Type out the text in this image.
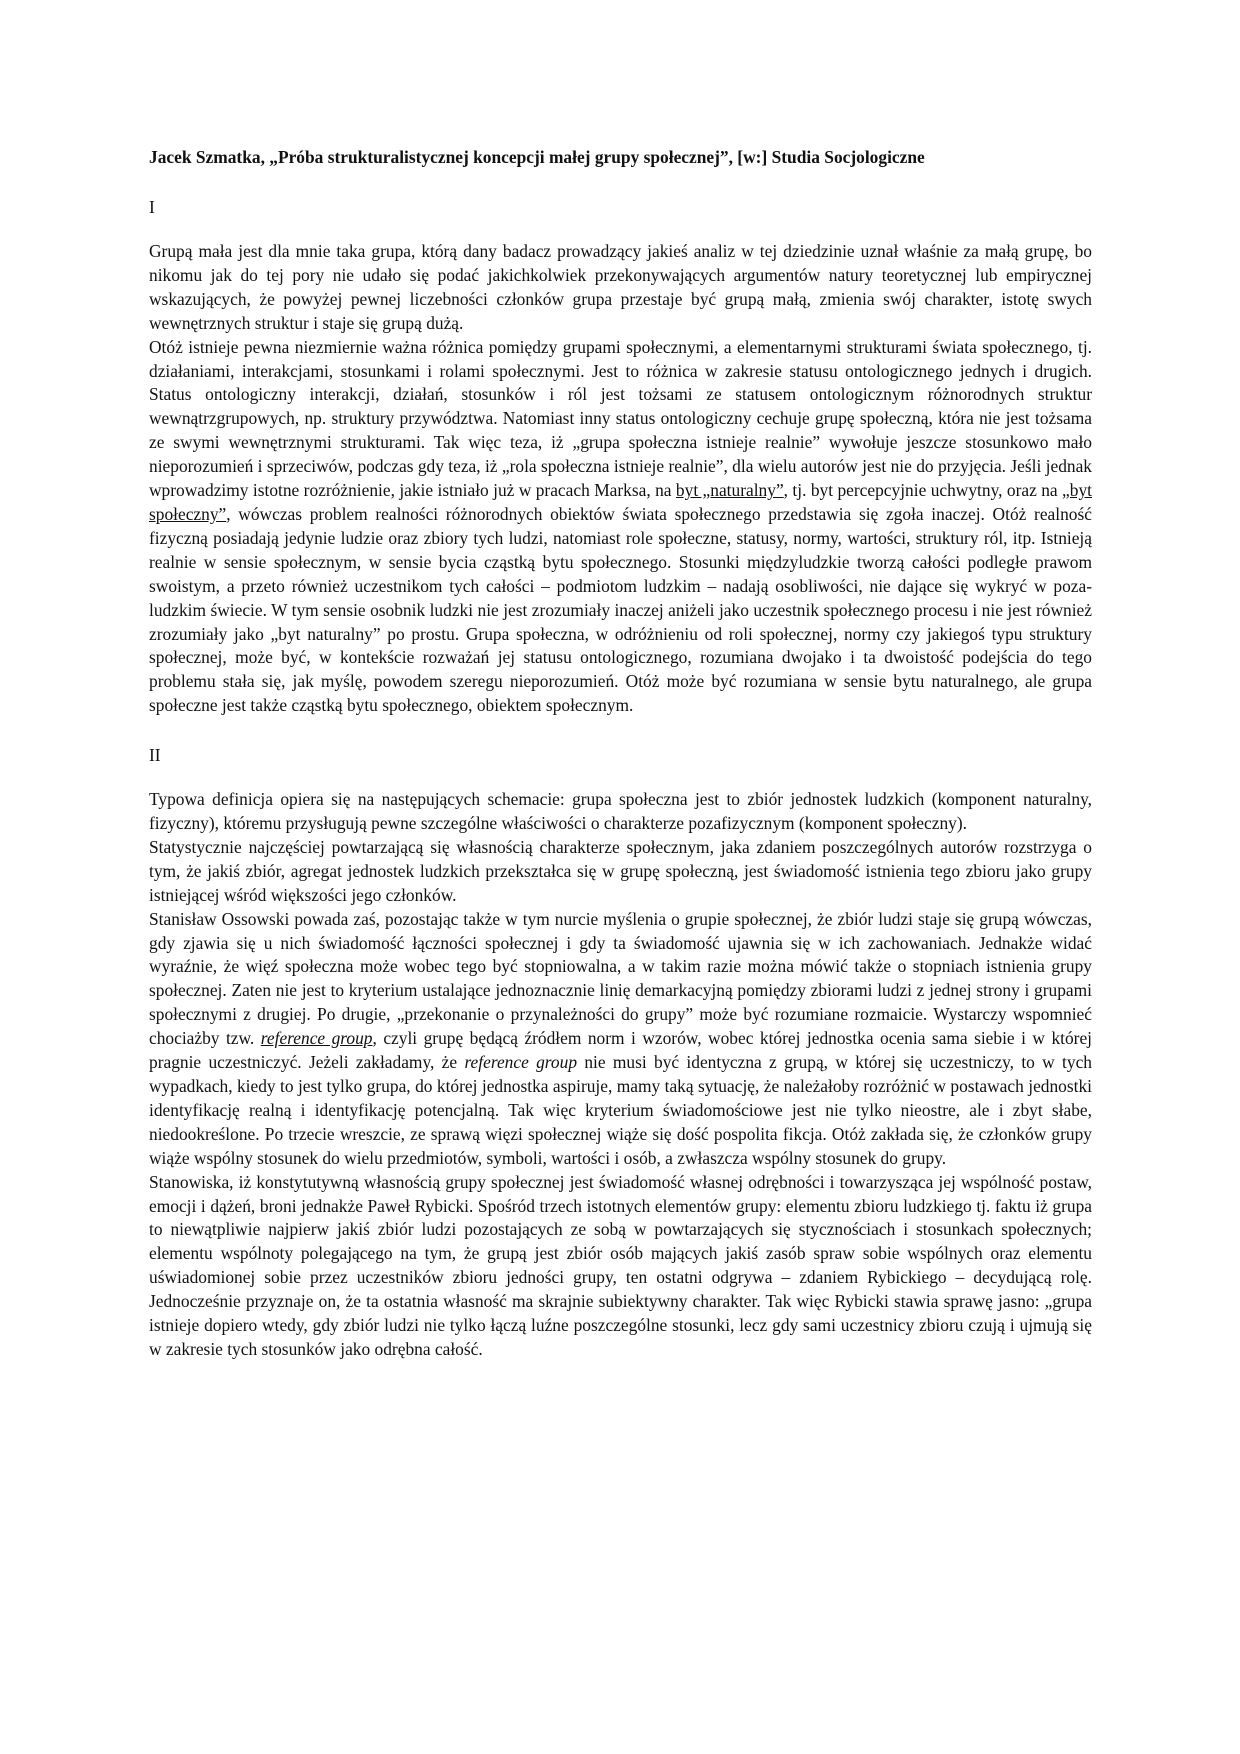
Jacek Szmatka, „Próba strukturalistycznej koncepcji małej grupy społecznej”, [w:] Studia Socjologiczne

I

Grupą mała jest dla mnie taka grupa, którą dany badacz prowadzący jakieś analiz w tej dziedzinie uznał właśnie za małą grupę, bo nikomu jak do tej pory nie udało się podać jakichkolwiek przekonywających argumentów natury teoretycznej lub empirycznej wskazujących, że powyżej pewnej liczebności członków grupa przestaje być grupą małą, zmienia swój charakter, istotę swych wewnętrznych struktur i staje się grupą dużą.

Otóż istnieje pewna niezmiernie ważna różnica pomiędzy grupami społecznymi, a elementarnymi strukturami świata społecznego, tj. działaniami, interakcjami, stosunkami i rolami społecznymi. Jest to różnica w zakresie statusu ontologicznego jednych i drugich. Status ontologiczny interakcji, działań, stosunków i ról jest tożsami ze statusem ontologicznym różnorodnych struktur wewnątrzgrupowych, np. struktury przywództwa. Natomiast inny status ontologiczny cechuje grupę społeczną, która nie jest tożsama ze swymi wewnętrznymi strukturami. Tak więc teza, iż „grupa społeczna istnieje realnie” wywołuje jeszcze stosunkowo mało nieporozumień i sprzeciwów, podczas gdy teza, iż „rola społeczna istnieje realnie”, dla wielu autorów jest nie do przyjęcia. Jeśli jednak wprowadzimy istotne rozróżnienie, jakie istniało już w pracach Marksa, na byt „naturalny”, tj. byt percepcyjnie uchwytny, oraz na „byt społeczny”, wówczas problem realności różnorodnych obiektów świata społecznego przedstawia się zgoła inaczej. Otóż realność fizyczną posiadają jedynie ludzie oraz zbiory tych ludzi, natomiast role społeczne, statusy, normy, wartości, struktury ról, itp. Istnieją realnie w sensie społecznym, w sensie bycia cząstką bytu społecznego. Stosunki międzyludzkie tworzą całości podległe prawom swoistym, a przeto również uczestnikom tych całości – podmiotom ludzkim – nadają osobliwości, nie dające się wykryć w poza-ludzkim świecie. W tym sensie osobnik ludzki nie jest zrozumiały inaczej aniżeli jako uczestnik społecznego procesu i nie jest również zrozumiały jako „byt naturalny” po prostu. Grupa społeczna, w odróżnieniu od roli społecznej, normy czy jakiegoś typu struktury społecznej, może być, w kontekście rozważań jej statusu ontologicznego, rozumiana dwojako i ta dwoistość podejścia do tego problemu stała się, jak myślę, powodem szeregu nieporozumień. Otóż może być rozumiana w sensie bytu naturalnego, ale grupa społeczne jest także cząstką bytu społecznego, obiektem społecznym.

II

Typowa definicja opiera się na następujących schemacie: grupa społeczna jest to zbiór jednostek ludzkich (komponent naturalny, fizyczny), któremu przysługują pewne szczególne właściwości o charakterze pozafizycznym (komponent społeczny).

Statystycznie najczęściej powtarzającą się własnością charakterze społecznym, jaka zdaniem poszczególnych autorów rozstrzyga o tym, że jakiś zbiór, agregat jednostek ludzkich przekształca się w grupę społeczną, jest świadomość istnienia tego zbioru jako grupy istniejącej wśród większości jego członków.

Stanisław Ossowski powada zaś, pozostając także w tym nurcie myślenia o grupie społecznej, że zbiór ludzi staje się grupą wówczas, gdy zjawia się u nich świadomość łączności społecznej i gdy ta świadomość ujawnia się w ich zachowaniach. Jednakże widać wyraźnie, że więź społeczna może wobec tego być stopniowalna, a w takim razie można mówić także o stopniach istnienia grupy społecznej. Zaten nie jest to kryterium ustalające jednoznacznie linię demarkacyjną pomiędzy zbiorami ludzi z jednej strony i grupami społecznymi z drugiej. Po drugie, „przekonanie o przynależności do grupy” może być rozumiane rozmaicie. Wystarczy wspomnieć chociażby tzw. reference group, czyli grupę będącą źródłem norm i wzorów, wobec której jednostka ocenia sama siebie i w której pragnie uczestniczyć. Jeżeli zakładamy, że reference group nie musi być identyczna z grupą, w której się uczestniczy, to w tych wypadkach, kiedy to jest tylko grupa, do której jednostka aspiruje, mamy taką sytuację, że należałoby rozróżnić w postawach jednostki identyfikację realną i identyfikację potencjalną. Tak więc kryterium świadomościowe jest nie tylko nieostre, ale i zbyt słabe, niedookreślone. Po trzecie wreszcie, ze sprawą więzi społecznej wiąże się dość pospolita fikcja. Otóż zakłada się, że członków grupy wiąże wspólny stosunek do wielu przedmiotów, symboli, wartości i osób, a zwłaszcza wspólny stosunek do grupy.

Stanowiska, iż konstytutywną własnością grupy społecznej jest świadomość własnej odrębności i towarzysząca jej wspólność postaw, emocji i dążeń, broni jednakże Paweł Rybicki. Spośród trzech istotnych elementów grupy: elementu zbioru ludzkiego tj. faktu iż grupa to niewątpliwie najpierw jakiś zbiór ludzi pozostających ze sobą w powtarzających się stycznościach i stosunkach społecznych; elementu wspólnoty polegającego na tym, że grupą jest zbiór osób mających jakiś zasób spraw sobie wspólnych oraz elementu uświadomionej sobie przez uczestników zbioru jedności grupy, ten ostatni odgrywa – zdaniem Rybickiego – decydującą rolę. Jednocześnie przyznaje on, że ta ostatnia własność ma skrajnie subiektywny charakter. Tak więc Rybicki stawia sprawę jasno: „grupa istnieje dopiero wtedy, gdy zbiór ludzi nie tylko łączą luźne poszczególne stosunki, lecz gdy sami uczestnicy zbioru czują i ujmują się w zakresie tych stosunków jako odrębna całość.
